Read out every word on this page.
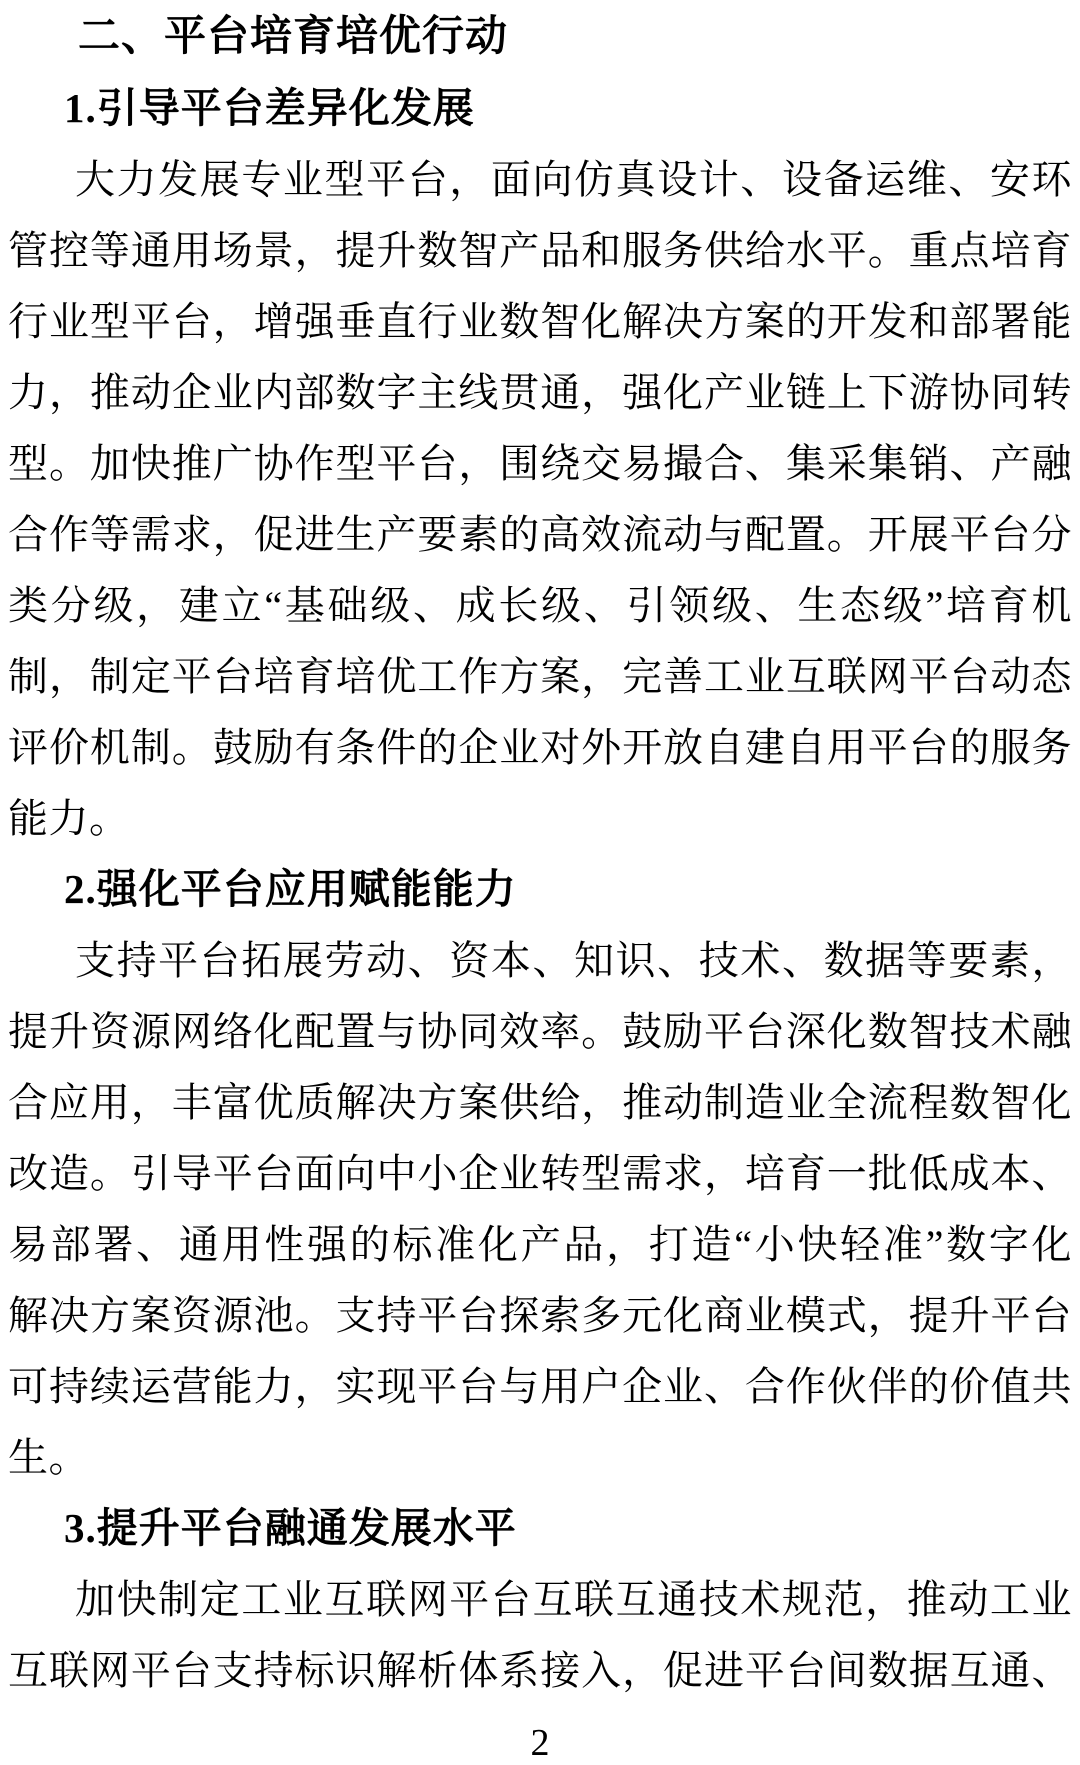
二、平台培育培优行动
1.引导平台差异化发展
大力发展专业型平台，面向仿真设计、设备运维、安环
管控等通用场景，提升数智产品和服务供给水平。重点培育
行业型平台，增强垂直行业数智化解决方案的开发和部署能
力，推动企业内部数字主线贯通，强化产业链上下游协同转
型。加快推广协作型平台，围绕交易撮合、集采集销、产融
合作等需求，促进生产要素的高效流动与配置。开展平台分
类分级，建立“基础级、成长级、引领级、生态级”培育机
制，制定平台培育培优工作方案，完善工业互联网平台动态
评价机制。鼓励有条件的企业对外开放自建自用平台的服务
能力。
2.强化平台应用赋能能力
支持平台拓展劳动、资本、知识、技术、数据等要素，
提升资源网络化配置与协同效率。鼓励平台深化数智技术融
合应用，丰富优质解决方案供给，推动制造业全流程数智化
改造。引导平台面向中小企业转型需求，培育一批低成本、
易部署、通用性强的标准化产品，打造“小快轻准”数字化
解决方案资源池。支持平台探索多元化商业模式，提升平台
可持续运营能力，实现平台与用户企业、合作伙伴的价值共
生。
3.提升平台融通发展水平
加快制定工业互联网平台互联互通技术规范，推动工业
互联网平台支持标识解析体系接入，促进平台间数据互通、
2
